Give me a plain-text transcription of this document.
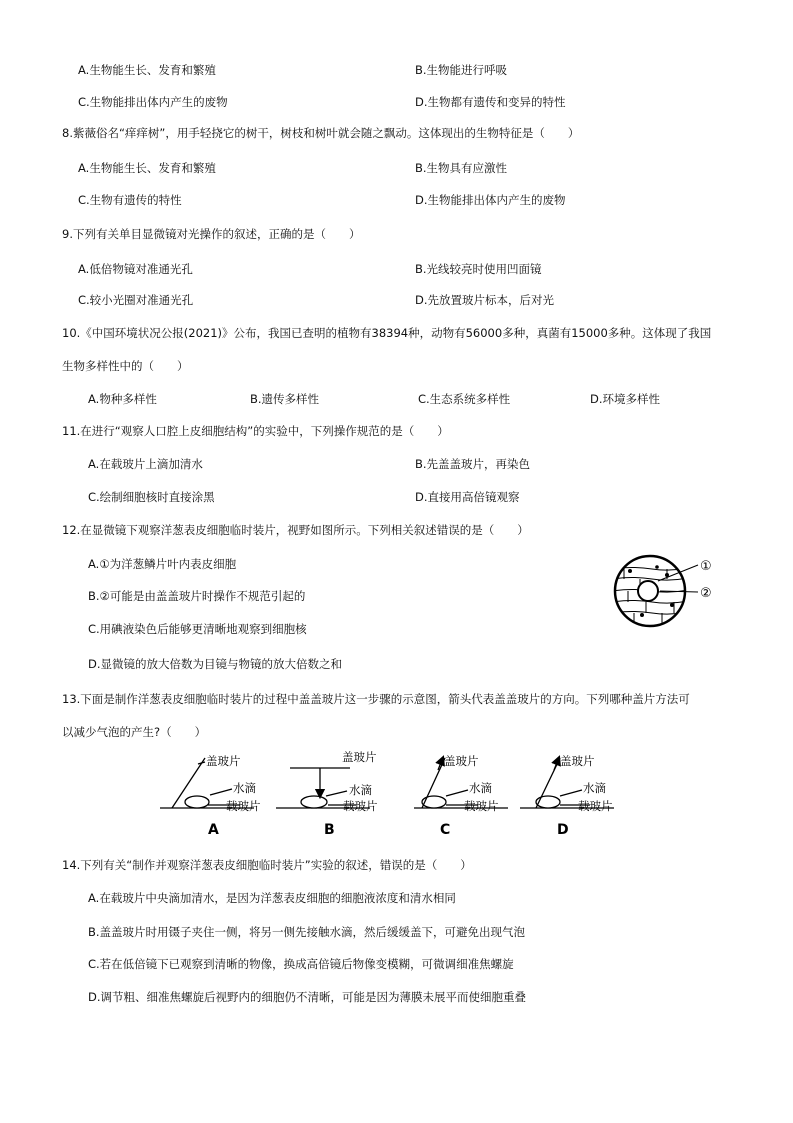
A.生物能生长、发育和繁殖	B.生物能进行呼吸
C.生物能排出体内产生的废物	D.生物都有遗传和变异的特性
8.紫薇俗名“痒痒树”，用手轻挠它的树干，树枝和树叶就会随之飘动。这体现出的生物特征是（　　）
A.生物能生长、发育和繁殖	B.生物具有应激性
C.生物有遗传的特性	D.生物能排出体内产生的废物
9.下列有关单目显微镜对光操作的叙述，正确的是（　　）
A.低倍物镜对准通光孔	B.光线较亮时使用凹面镜
C.较小光圈对准通光孔	D.先放置玻片标本，后对光
10.《中国环境状况公报(2021)》公布，我国已查明的植物有38394种，动物有56000多种，真菌有15000多种。这体现了我国
生物多样性中的（　　）
A.物种多样性	B.遗传多样性	C.生态系统多样性	D.环境多样性
11.在进行“观察人口腔上皮细胞结构”的实验中，下列操作规范的是（　　）
A.在载玻片上滴加清水	B.先盖盖玻片，再染色
C.绘制细胞核时直接涂黑	D.直接用高倍镜观察
12.在显微镜下观察洋葱表皮细胞临时装片，视野如图所示。下列相关叙述错误的是（　　）
A.①为洋葱鳞片叶内表皮细胞
B.②可能是由盖盖玻片时操作不规范引起的
C.用碘液染色后能够更清晰地观察到细胞核
D.显微镜的放大倍数为目镜与物镜的放大倍数之和
①
②
13.下面是制作洋葱表皮细胞临时装片的过程中盖盖玻片这一步骤的示意图，箭头代表盖盖玻片的方向。下列哪种盖片方法可
以减少气泡的产生?（　　）
盖玻片
水滴
载玻片
盖玻片
水滴
载玻片
盖玻片
水滴
载玻片
盖玻片
水滴
载玻片
A	B	C	D
14.下列有关“制作并观察洋葱表皮细胞临时装片”实验的叙述，错误的是（　　）
A.在载玻片中央滴加清水，是因为洋葱表皮细胞的细胞液浓度和清水相同
B.盖盖玻片时用镊子夹住一侧，将另一侧先接触水滴，然后缓缓盖下，可避免出现气泡
C.若在低倍镜下已观察到清晰的物像，换成高倍镜后物像变模糊，可微调细准焦螺旋
D.调节粗、细准焦螺旋后视野内的细胞仍不清晰，可能是因为薄膜未展平而使细胞重叠
